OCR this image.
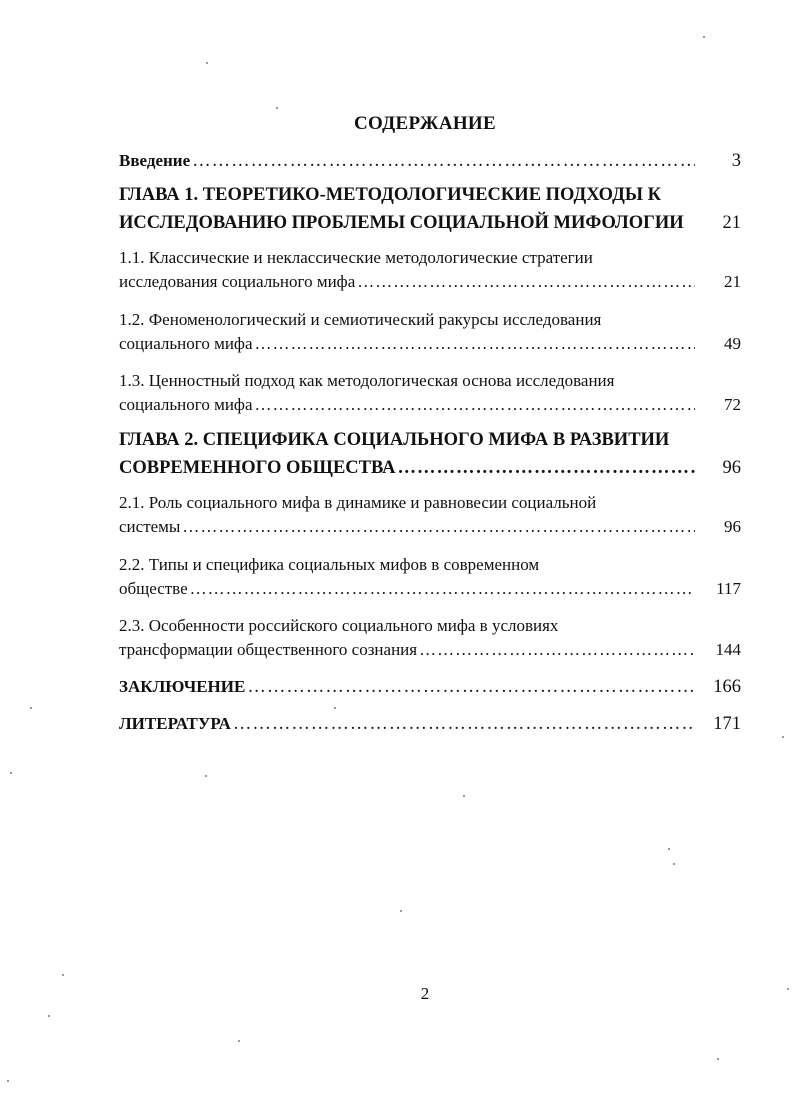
СОДЕРЖАНИЕ
Введение ……………………………………………………………………………………………………………………………………………………………………	3
ГЛАВА 1. ТЕОРЕТИКО-МЕТОДОЛОГИЧЕСКИЕ ПОДХОДЫ К
ИССЛЕДОВАНИЮ ПРОБЛЕМЫ СОЦИАЛЬНОЙ МИФОЛОГИИ	21
1.1. Классические и неклассические методологические стратегии
исследования социального мифа ……………………………………………………………………………………………………………………………………………………………………	21
1.2. Феноменологический и семиотический ракурсы исследования
социального мифа ……………………………………………………………………………………………………………………………………………………………………	49
1.3. Ценностный подход как методологическая основа исследования
социального мифа ……………………………………………………………………………………………………………………………………………………………………	72
ГЛАВА 2. СПЕЦИФИКА СОЦИАЛЬНОГО МИФА В РАЗВИТИИ
СОВРЕМЕННОГО ОБЩЕСТВА ……………………………………………………………………………………………………………………………………………………………………	96
2.1. Роль социального мифа в динамике и равновесии социальной
системы ……………………………………………………………………………………………………………………………………………………………………	96
2.2. Типы и специфика социальных мифов в современном
обществе ……………………………………………………………………………………………………………………………………………………………………	117
2.3. Особенности российского социального мифа в условиях
трансформации общественного сознания ……………………………………………………………………………………………………………………………………………………………………	144
ЗАКЛЮЧЕНИЕ ……………………………………………………………………………………………………………………………………………………………………	166
ЛИТЕРАТУРА ……………………………………………………………………………………………………………………………………………………………………	171
2
